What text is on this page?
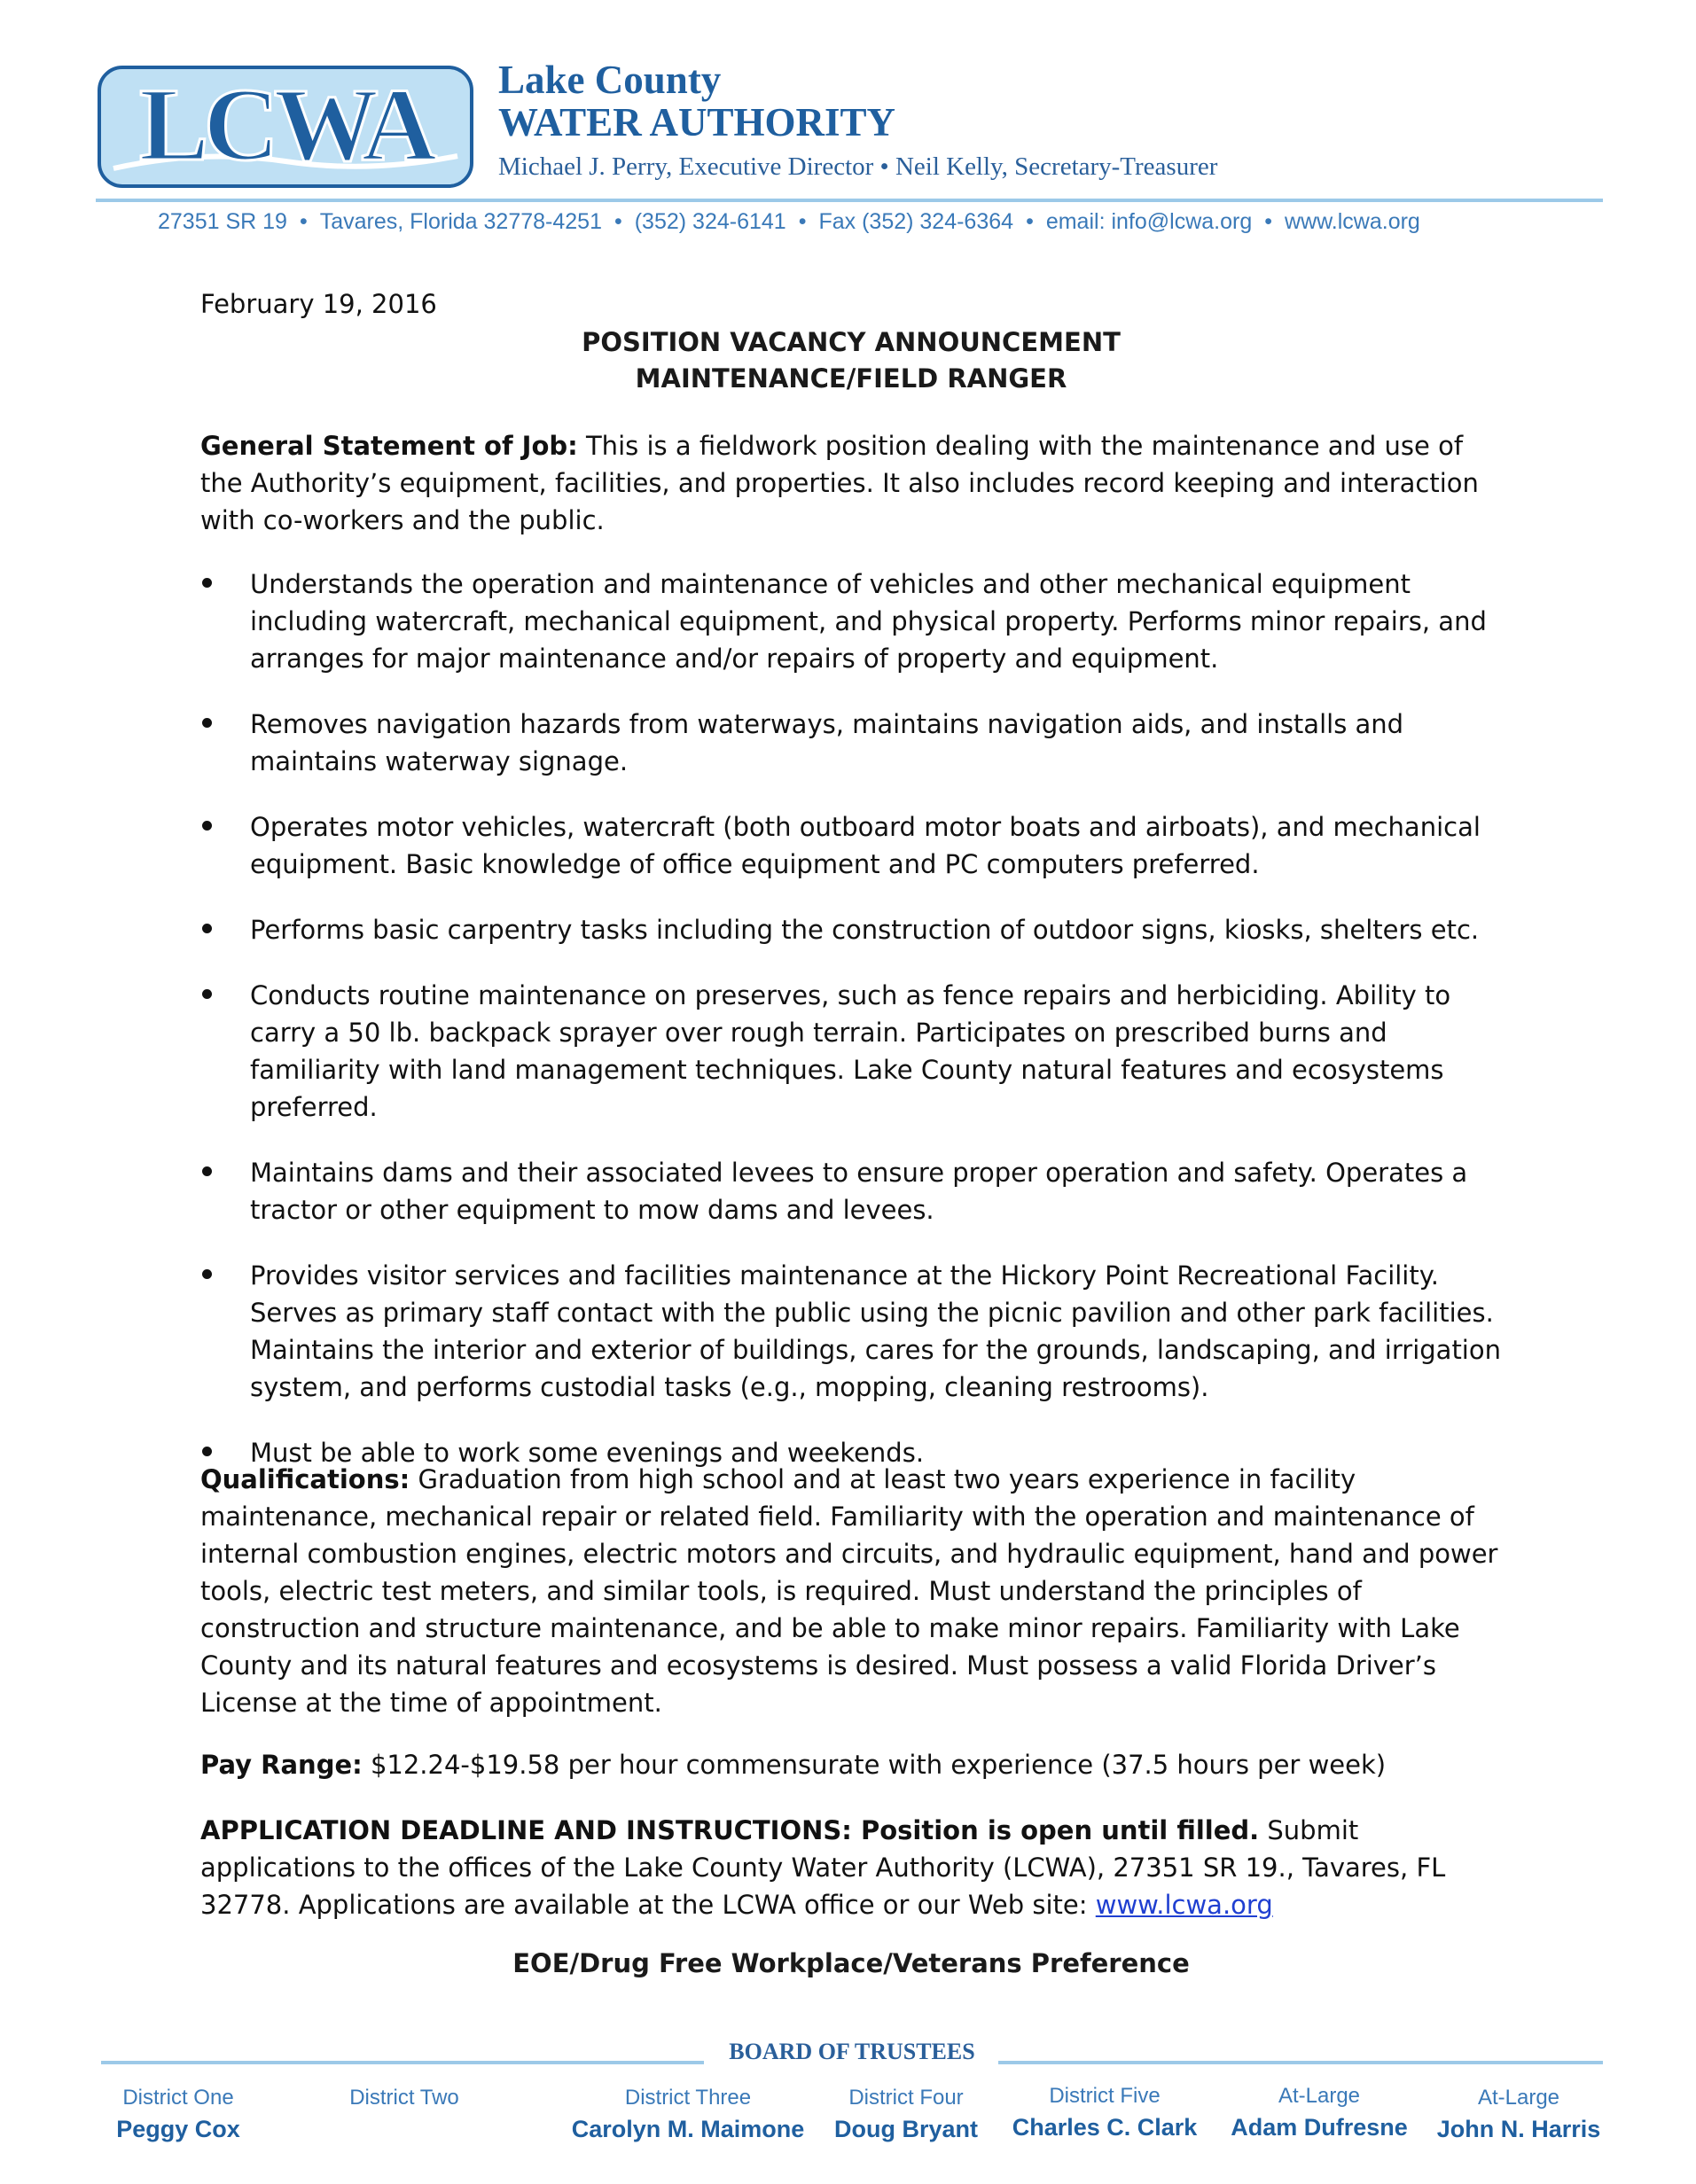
LCWA Lake County
WATER AUTHORITY
Michael J. Perry, Executive Director • Neil Kelly, Secretary-Treasurer
27351 SR 19 • Tavares, Florida 32778-4251 • (352) 324-6141 • Fax (352) 324-6364 • email: info@lcwa.org • www.lcwa.org
February 19, 2016
POSITION VACANCY ANNOUNCEMENT
MAINTENANCE/FIELD RANGER
General Statement of Job: This is a fieldwork position dealing with the maintenance and use of the Authority’s equipment, facilities, and properties. It also includes record keeping and interaction with co-workers and the public.
Understands the operation and maintenance of vehicles and other mechanical equipment including watercraft, mechanical equipment, and physical property. Performs minor repairs, and arranges for major maintenance and/or repairs of property and equipment.
Removes navigation hazards from waterways, maintains navigation aids, and installs and maintains waterway signage.
Operates motor vehicles, watercraft (both outboard motor boats and airboats), and mechanical equipment. Basic knowledge of office equipment and PC computers preferred.
Performs basic carpentry tasks including the construction of outdoor signs, kiosks, shelters etc.
Conducts routine maintenance on preserves, such as fence repairs and herbiciding. Ability to carry a 50 lb. backpack sprayer over rough terrain. Participates on prescribed burns and familiarity with land management techniques. Lake County natural features and ecosystems preferred.
Maintains dams and their associated levees to ensure proper operation and safety. Operates a tractor or other equipment to mow dams and levees.
Provides visitor services and facilities maintenance at the Hickory Point Recreational Facility. Serves as primary staff contact with the public using the picnic pavilion and other park facilities. Maintains the interior and exterior of buildings, cares for the grounds, landscaping, and irrigation system, and performs custodial tasks (e.g., mopping, cleaning restrooms).
Must be able to work some evenings and weekends.
Qualifications: Graduation from high school and at least two years experience in facility maintenance, mechanical repair or related field. Familiarity with the operation and maintenance of internal combustion engines, electric motors and circuits, and hydraulic equipment, hand and power tools, electric test meters, and similar tools, is required. Must understand the principles of construction and structure maintenance, and be able to make minor repairs. Familiarity with Lake County and its natural features and ecosystems is desired. Must possess a valid Florida Driver’s License at the time of appointment.
Pay Range: $12.24-$19.58 per hour commensurate with experience (37.5 hours per week)
APPLICATION DEADLINE AND INSTRUCTIONS: Position is open until filled. Submit applications to the offices of the Lake County Water Authority (LCWA), 27351 SR 19., Tavares, FL 32778. Applications are available at the LCWA office or our Web site: www.lcwa.org
EOE/Drug Free Workplace/Veterans Preference
BOARD OF TRUSTEES
District One
Peggy Cox
District Two	District Three
Carolyn M. Maimone
District Four
Doug Bryant
District Five
Charles C. Clark
At-Large
Adam Dufresne
At-Large
John N. Harris
